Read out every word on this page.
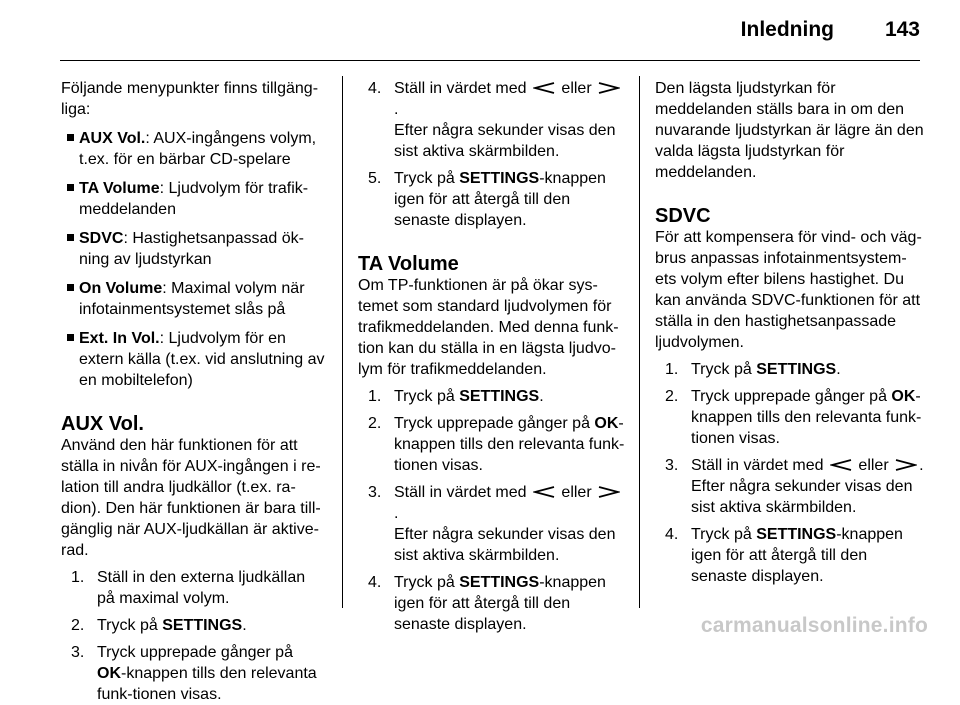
Inledning 143

Följande menypunkter finns tillgäng-liga:

AUX Vol.: AUX-ingångens volym, t.ex. för en bärbar CD-spelare
TA Volume: Ljudvolym för trafik-meddelanden
SDVC: Hastighetsanpassad ök-ning av ljudstyrkan
On Volume: Maximal volym när infotainmentsystemet slås på
Ext. In Vol.: Ljudvolym för en extern källa (t.ex. vid anslutning av en mobiltelefon)
AUX Vol.

Använd den här funktionen för att ställa in nivån för AUX-ingången i re-lation till andra ljudkällor (t.ex. ra-dion). Den här funktionen är bara till-gänglig när AUX-ljudkällan är aktive-rad.

1. Ställ in den externa ljudkällan på maximal volym.
2. Tryck på SETTINGS.
3. Tryck upprepade gånger på OK-knappen tills den relevanta funk-tionen visas.
4. Ställ in värdet med eller .

Efter några sekunder visas den sist aktiva skärmbilden.

5. Tryck på SETTINGS-knappen igen för att återgå till den senaste displayen.
TA Volume

Om TP-funktionen är på ökar sys-temet som standard ljudvolymen för trafikmeddelanden. Med denna funk-tion kan du ställa in en lägsta ljudvo-lym för trafikmeddelanden.

1. Tryck på SETTINGS.
2. Tryck upprepade gånger på OK-knappen tills den relevanta funk-tionen visas.
3. Ställ in värdet med eller .

Efter några sekunder visas den sist aktiva skärmbilden.

4. Tryck på SETTINGS-knappen igen för att återgå till den senaste displayen.

Den lägsta ljudstyrkan för meddelanden ställs bara in om den nuvarande ljudstyrkan är lägre än den valda lägsta ljudstyrkan för meddelanden.

SDVC

För att kompensera för vind- och väg-brus anpassas infotainmentsystem-ets volym efter bilens hastighet. Du kan använda SDVC-funktionen för att ställa in den hastighetsanpassade ljudvolymen.

1. Tryck på SETTINGS.
2. Tryck upprepade gånger på OK-knappen tills den relevanta funk-tionen visas.
3. Ställ in värdet med eller .

Efter några sekunder visas den sist aktiva skärmbilden.

4. Tryck på SETTINGS-knappen igen för att återgå till den senaste displayen.
carmanualsonline.info
